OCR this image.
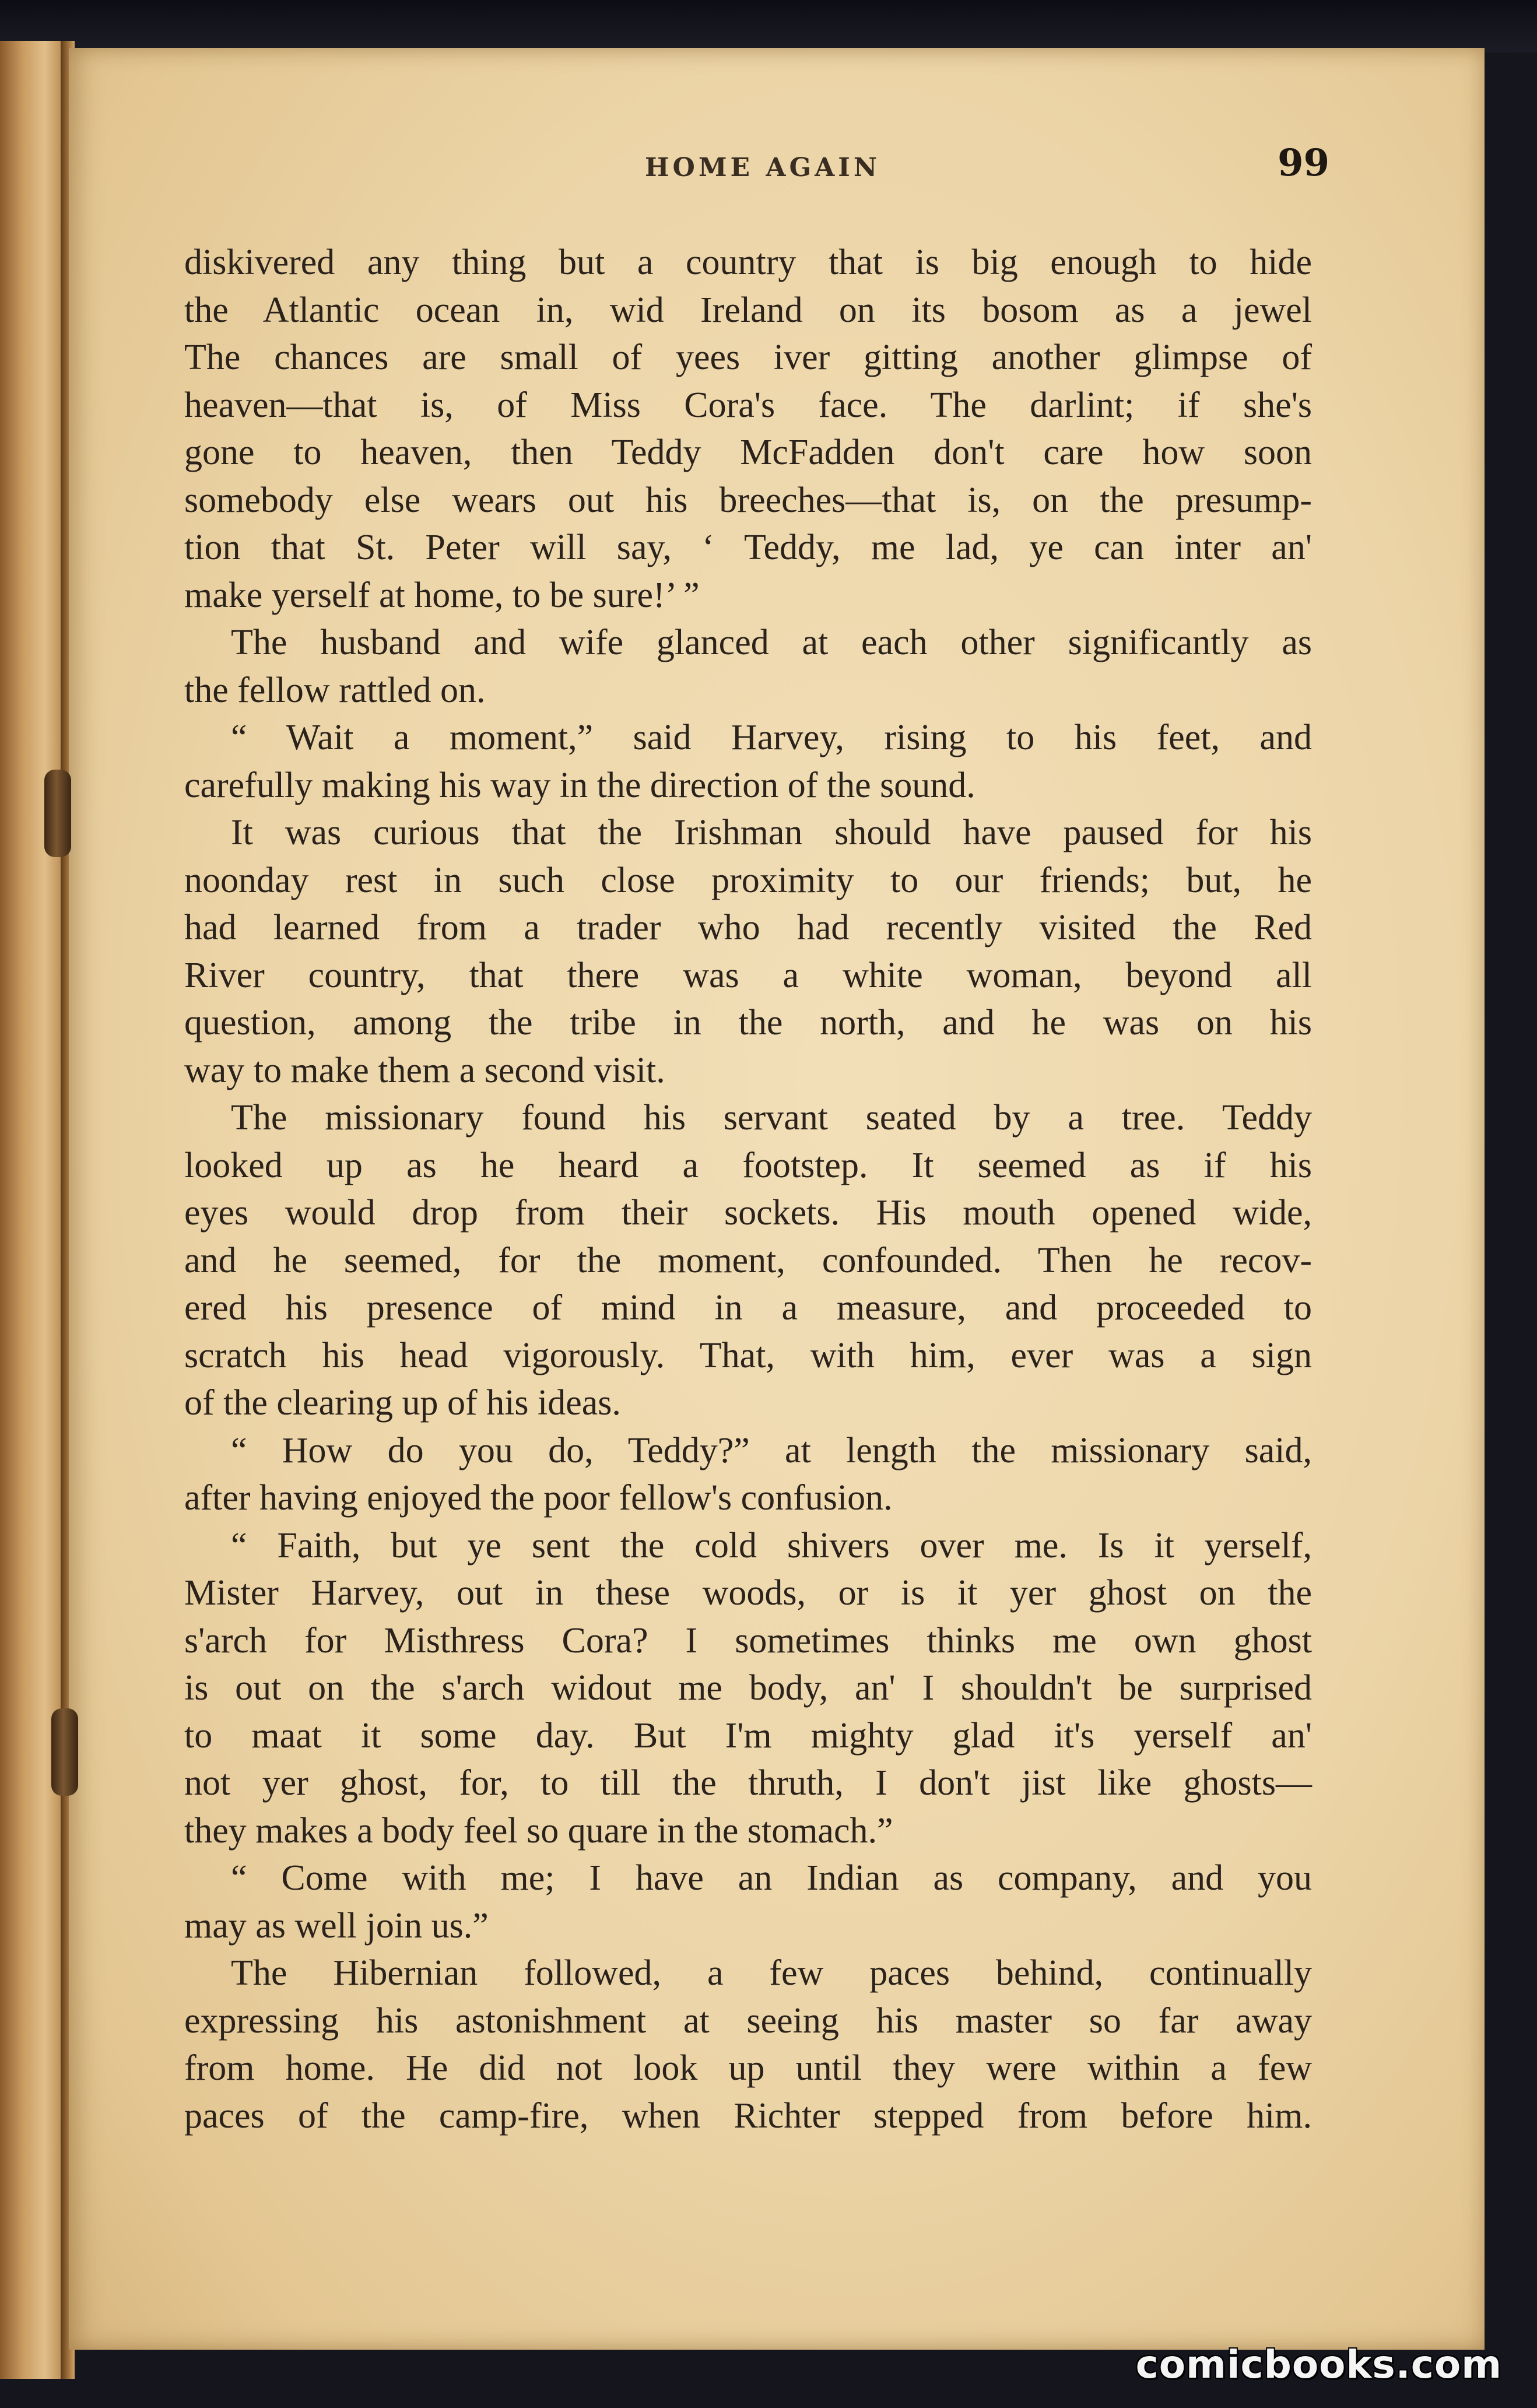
HOME AGAIN	99
diskivered any thing but a country that is big enough to hide
the Atlantic ocean in, wid Ireland on its bosom as a jewel
The chances are small of yees iver gitting another glimpse of
heaven—that is, of Miss Cora's face. The darlint; if she's
gone to heaven, then Teddy McFadden don't care how soon
somebody else wears out his breeches—that is, on the presump-
tion that St. Peter will say, ‘ Teddy, me lad, ye can inter an'
make yerself at home, to be sure!’ ”
The husband and wife glanced at each other significantly as
the fellow rattled on.
“ Wait a moment,” said Harvey, rising to his feet, and
carefully making his way in the direction of the sound.
It was curious that the Irishman should have paused for his
noonday rest in such close proximity to our friends; but, he
had learned from a trader who had recently visited the Red
River country, that there was a white woman, beyond all
question, among the tribe in the north, and he was on his
way to make them a second visit.
The missionary found his servant seated by a tree. Teddy
looked up as he heard a footstep. It seemed as if his
eyes would drop from their sockets. His mouth opened wide,
and he seemed, for the moment, confounded. Then he recov-
ered his presence of mind in a measure, and proceeded to
scratch his head vigorously. That, with him, ever was a sign
of the clearing up of his ideas.
“ How do you do, Teddy?” at length the missionary said,
after having enjoyed the poor fellow's confusion.
“ Faith, but ye sent the cold shivers over me. Is it yerself,
Mister Harvey, out in these woods, or is it yer ghost on the
s'arch for Misthress Cora? I sometimes thinks me own ghost
is out on the s'arch widout me body, an' I shouldn't be surprised
to maat it some day. But I'm mighty glad it's yerself an'
not yer ghost, for, to till the thruth, I don't jist like ghosts—
they makes a body feel so quare in the stomach.”
“ Come with me; I have an Indian as company, and you
may as well join us.”
The Hibernian followed, a few paces behind, continually
expressing his astonishment at seeing his master so far away
from home. He did not look up until they were within a few
paces of the camp-fire, when Richter stepped from before him.
comicbooks.com
